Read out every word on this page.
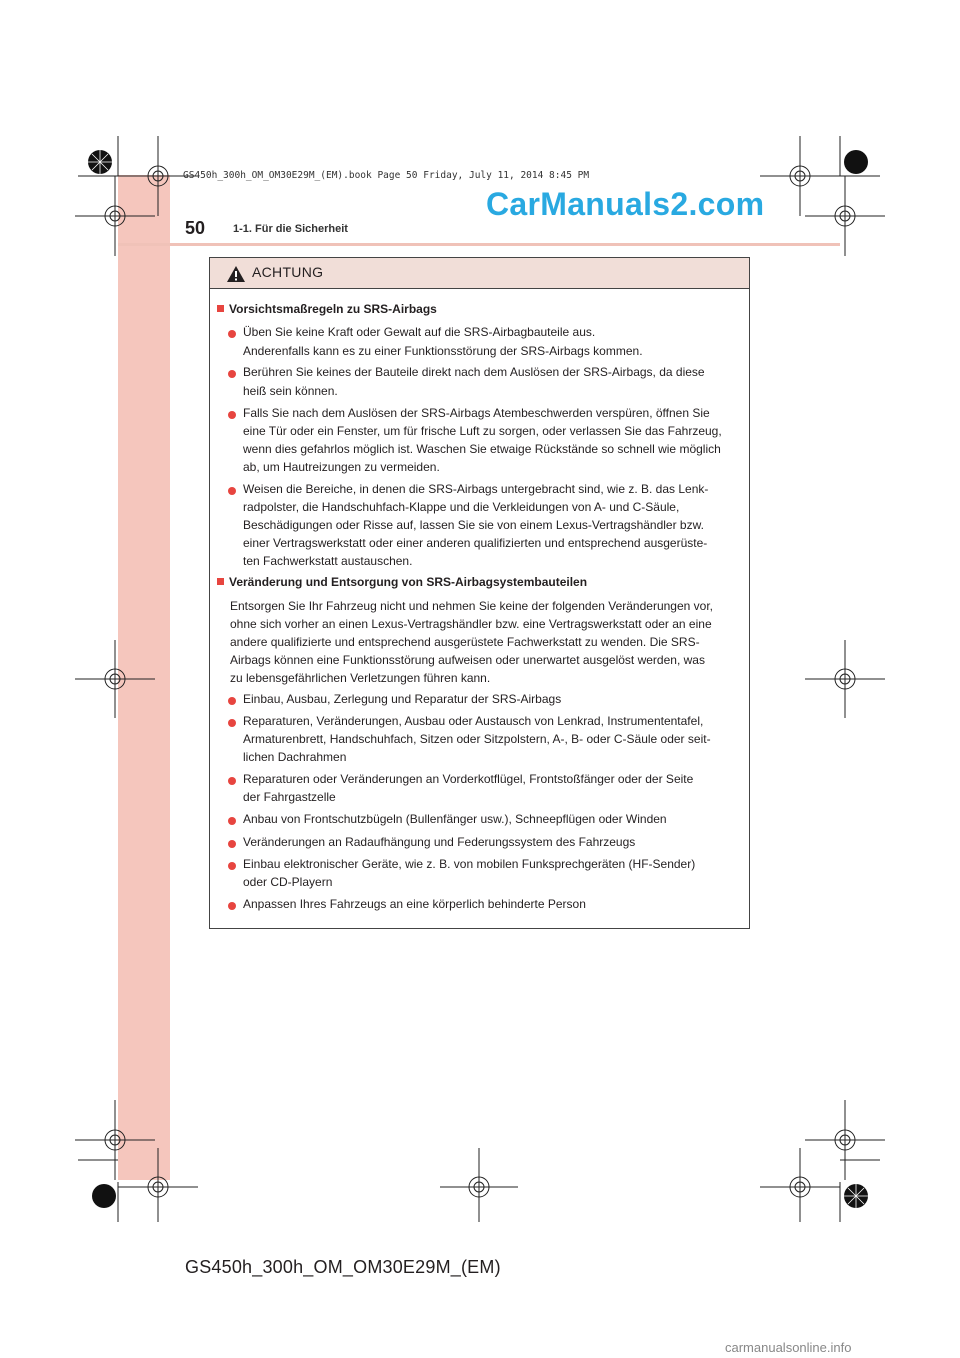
GS450h_300h_OM_OM30E29M_(EM).book Page 50 Friday, July 11, 2014 8:45 PM
CarManuals2.com
50	1-1. Für die Sicherheit
ACHTUNG
Vorsichtsmaßregeln zu SRS-Airbags
Üben Sie keine Kraft oder Gewalt auf die SRS-Airbagbauteile aus.
Anderenfalls kann es zu einer Funktionsstörung der SRS-Airbags kommen.
Berühren Sie keines der Bauteile direkt nach dem Auslösen der SRS-Airbags, da diese
heiß sein können.
Falls Sie nach dem Auslösen der SRS-Airbags Atembeschwerden verspüren, öffnen Sie
eine Tür oder ein Fenster, um für frische Luft zu sorgen, oder verlassen Sie das Fahrzeug,
wenn dies gefahrlos möglich ist. Waschen Sie etwaige Rückstände so schnell wie möglich
ab, um Hautreizungen zu vermeiden.
Weisen die Bereiche, in denen die SRS-Airbags untergebracht sind, wie z. B. das Lenk-
radpolster, die Handschuhfach-Klappe und die Verkleidungen von A- und C-Säule,
Beschädigungen oder Risse auf, lassen Sie sie von einem Lexus-Vertragshändler bzw.
einer Vertragswerkstatt oder einer anderen qualifizierten und entsprechend ausgerüste-
ten Fachwerkstatt austauschen.
Veränderung und Entsorgung von SRS-Airbagsystembauteilen
Entsorgen Sie Ihr Fahrzeug nicht und nehmen Sie keine der folgenden Veränderungen vor,
ohne sich vorher an einen Lexus-Vertragshändler bzw. eine Vertragswerkstatt oder an eine
andere qualifizierte und entsprechend ausgerüstete Fachwerkstatt zu wenden. Die SRS-
Airbags können eine Funktionsstörung aufweisen oder unerwartet ausgelöst werden, was
zu lebensgefährlichen Verletzungen führen kann.
Einbau, Ausbau, Zerlegung und Reparatur der SRS-Airbags
Reparaturen, Veränderungen, Ausbau oder Austausch von Lenkrad, Instrumententafel,
Armaturenbrett, Handschuhfach, Sitzen oder Sitzpolstern, A-, B- oder C-Säule oder seit-
lichen Dachrahmen
Reparaturen oder Veränderungen an Vorderkotflügel, Frontstoßfänger oder der Seite
der Fahrgastzelle
Anbau von Frontschutzbügeln (Bullenfänger usw.), Schneepflügen oder Winden
Veränderungen an Radaufhängung und Federungssystem des Fahrzeugs
Einbau elektronischer Geräte, wie z. B. von mobilen Funksprechgeräten (HF-Sender)
oder CD-Playern
Anpassen Ihres Fahrzeugs an eine körperlich behinderte Person
GS450h_300h_OM_OM30E29M_(EM)
carmanualsonline.info
